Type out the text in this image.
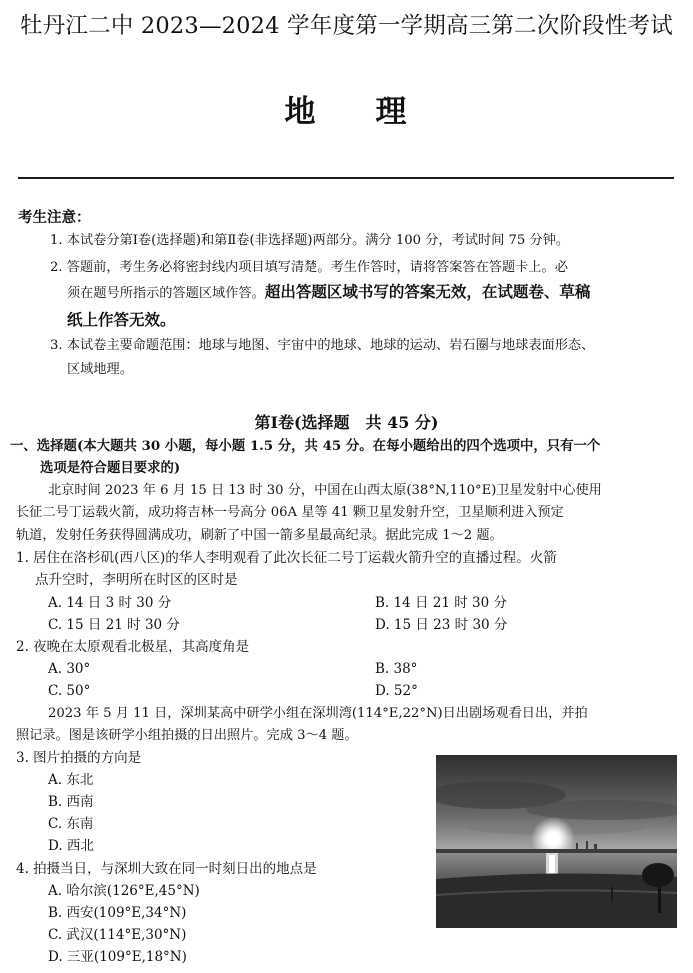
牡丹江二中 2023—2024 学年度第一学期高三第二次阶段性考试
地 理
考生注意：
1. 本试卷分第Ⅰ卷(选择题)和第Ⅱ卷(非选择题)两部分。满分 100 分，考试时间 75 分钟。
2. 答题前，考生务必将密封线内项目填写清楚。考生作答时，请将答案答在答题卡上。必
须在题号所指示的答题区域作答。超出答题区域书写的答案无效，在试题卷、草稿
纸上作答无效。
3. 本试卷主要命题范围：地球与地图、宇宙中的地球、地球的运动、岩石圈与地球表面形态、
区域地理。
第Ⅰ卷(选择题　共 45 分)
一、选择题(本大题共 30 小题，每小题 1.5 分，共 45 分。在每小题给出的四个选项中，只有一个
选项是符合题目要求的)
北京时间 2023 年 6 月 15 日 13 时 30 分，中国在山西太原(38°N,110°E)卫星发射中心使用
长征二号丁运载火箭，成功将吉林一号高分 06A 星等 41 颗卫星发射升空，卫星顺利进入预定
轨道，发射任务获得圆满成功，刷新了中国一箭多星最高纪录。据此完成 1～2 题。
1. 居住在洛杉矶(西八区)的华人李明观看了此次长征二号丁运载火箭升空的直播过程。火箭
点升空时，李明所在时区的区时是
A. 14 日 3 时 30 分	B. 14 日 21 时 30 分
C. 15 日 21 时 30 分	D. 15 日 23 时 30 分
2. 夜晚在太原观看北极星，其高度角是
A. 30°	B. 38°
C. 50°	D. 52°
2023 年 5 月 11 日，深圳某高中研学小组在深圳湾(114°E,22°N)日出剧场观看日出，并拍
照记录。图是该研学小组拍摄的日出照片。完成 3～4 题。
3. 图片拍摄的方向是
A. 东北
B. 西南
C. 东南
D. 西北
4. 拍摄当日，与深圳大致在同一时刻日出的地点是
A. 哈尔滨(126°E,45°N)
B. 西安(109°E,34°N)
C. 武汉(114°E,30°N)
D. 三亚(109°E,18°N)
